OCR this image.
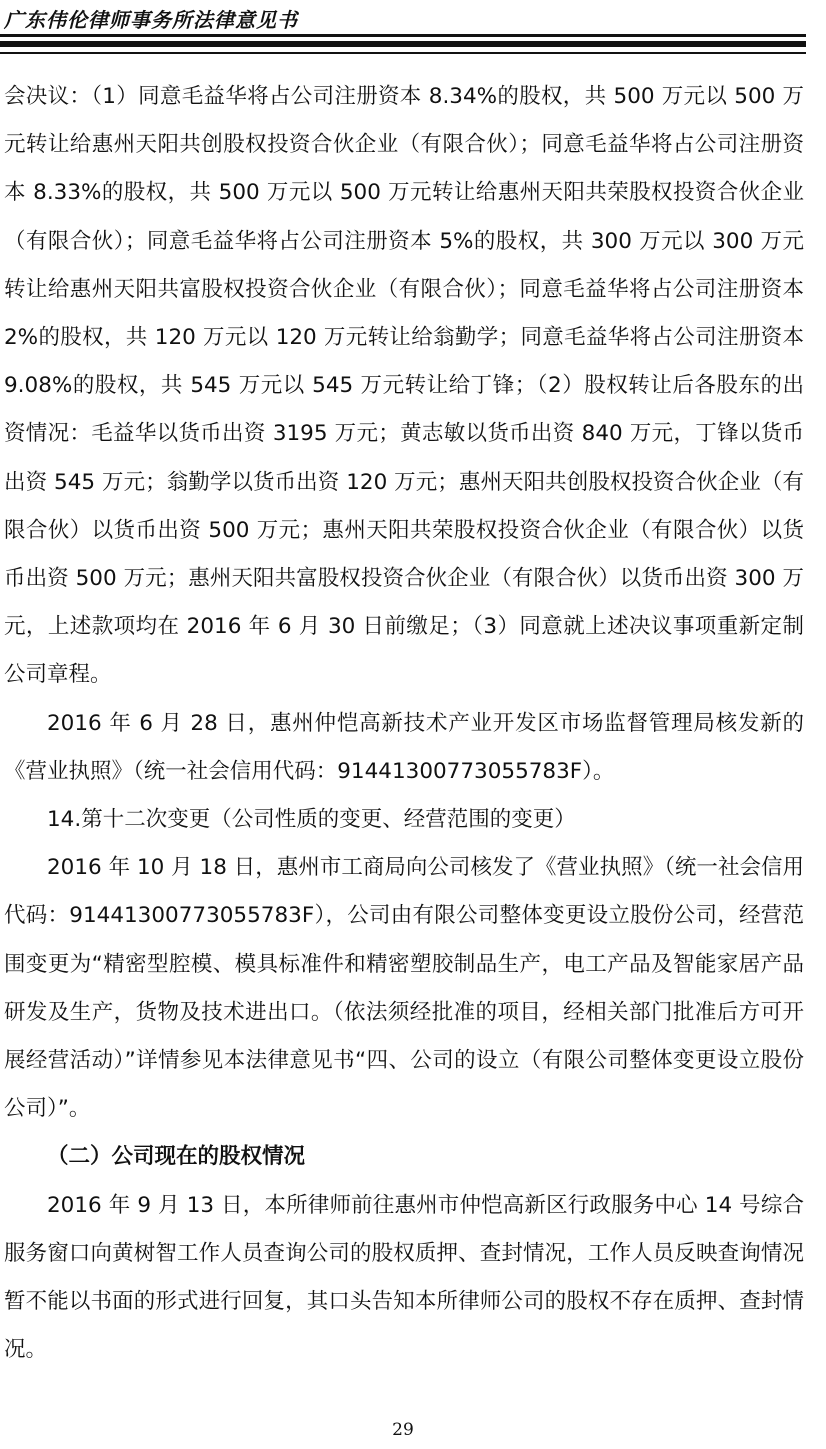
广东伟伦律师事务所法律意见书

会决议：（1）同意毛益华将占公司注册资本 8.34%的股权，共 500 万元以 500 万元转让给惠州天阳共创股权投资合伙企业（有限合伙）；同意毛益华将占公司注册资本 8.33%的股权，共 500 万元以 500 万元转让给惠州天阳共荣股权投资合伙企业（有限合伙）；同意毛益华将占公司注册资本 5%的股权，共 300 万元以 300 万元转让给惠州天阳共富股权投资合伙企业（有限合伙）；同意毛益华将占公司注册资本 2%的股权，共 120 万元以 120 万元转让给翁勤学；同意毛益华将占公司注册资本 9.08%的股权，共 545 万元以 545 万元转让给丁锋；（2）股权转让后各股东的出资情况：毛益华以货币出资 3195 万元；黄志敏以货币出资 840 万元，丁锋以货币出资 545 万元；翁勤学以货币出资 120 万元；惠州天阳共创股权投资合伙企业（有限合伙）以货币出资 500 万元；惠州天阳共荣股权投资合伙企业（有限合伙）以货币出资 500 万元；惠州天阳共富股权投资合伙企业（有限合伙）以货币出资 300 万元，上述款项均在 2016 年 6 月 30 日前缴足；（3）同意就上述决议事项重新定制公司章程。

2016 年 6 月 28 日，惠州仲恺高新技术产业开发区市场监督管理局核发新的《营业执照》（统一社会信用代码：91441300773055783F）。

14.第十二次变更（公司性质的变更、经营范围的变更）

2016 年 10 月 18 日，惠州市工商局向公司核发了《营业执照》（统一社会信用代码：91441300773055783F），公司由有限公司整体变更设立股份公司，经营范围变更为“精密型腔模、模具标准件和精密塑胶制品生产，电工产品及智能家居产品研发及生产，货物及技术进出口。（依法须经批准的项目，经相关部门批准后方可开展经营活动）”详情参见本法律意见书“四、公司的设立（有限公司整体变更设立股份公司）”。

（二）公司现在的股权情况

2016 年 9 月 13 日，本所律师前往惠州市仲恺高新区行政服务中心 14 号综合服务窗口向黄树智工作人员查询公司的股权质押、查封情况，工作人员反映查询情况暂不能以书面的形式进行回复，其口头告知本所律师公司的股权不存在质押、查封情况。

29
